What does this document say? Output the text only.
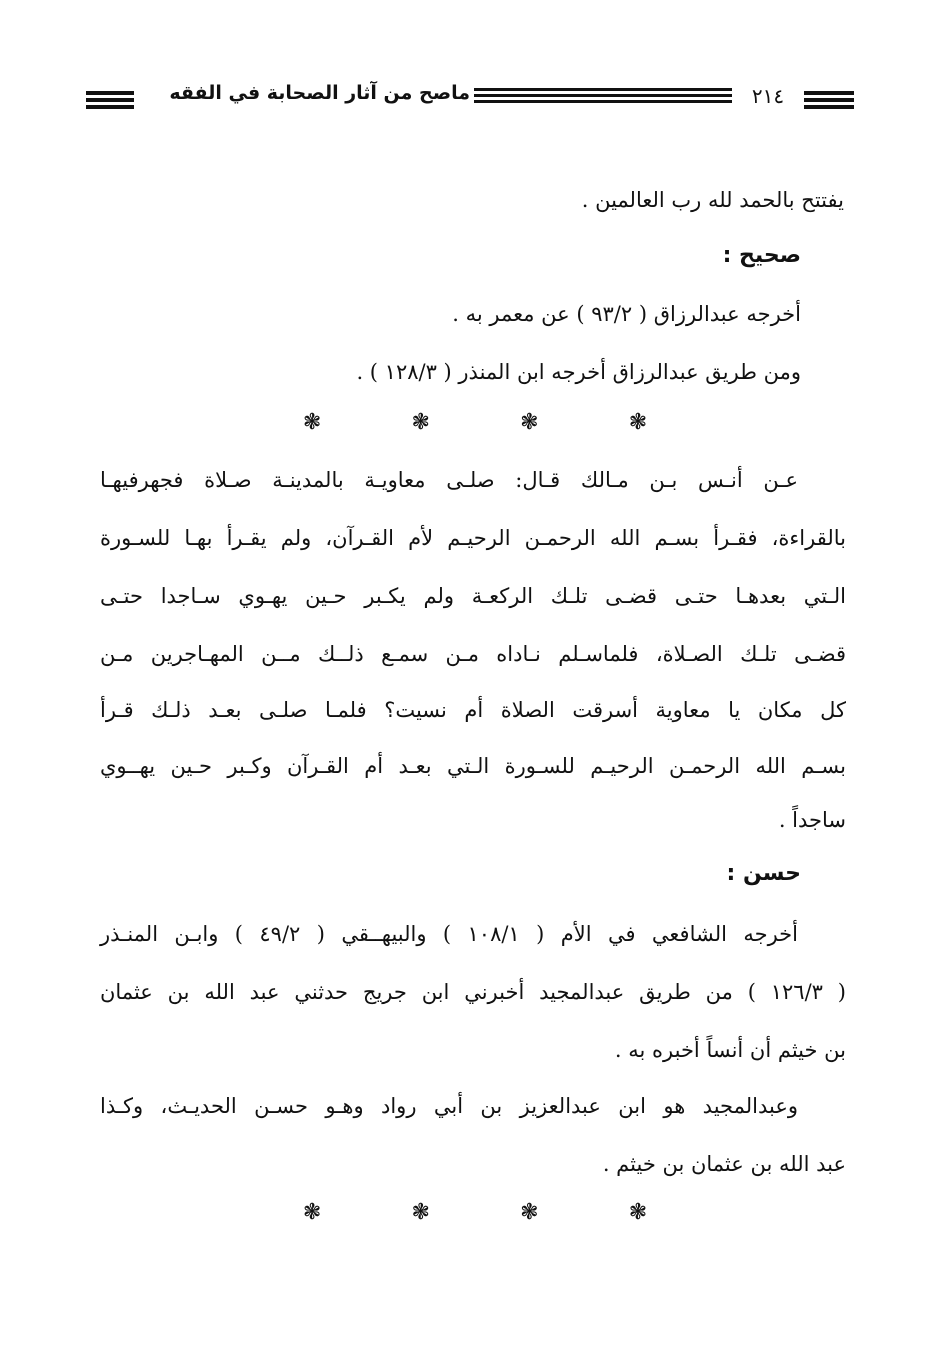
ماصح من آثار الصحابة في الفقه	٢١٤
يفتتح بالحمد لله رب العالمين .
صحيح :
أخرجه عبدالرزاق ( ٩٣/٢ ) عن معمر به .
ومن طريق عبدالرزاق أخرجه ابن المنذر ( ١٢٨/٣ ) .
❃
❃
❃
❃
عـن أنـس بـن مـالك قـال: صلـى معاويـة بالمدينـة صـلاة فجهرفيهـا
بالقراءة، فقـرأ بسـم الله الرحمـن الرحيـم لأم القـرآن، ولم يقـرأ بهـا للسـورة
الـتي بعدهـا حتـى قضـى تلـك الركعـة ولم يكـبر حـين يهـوي سـاجدا حتـى
قضـى تلـك الصـلاة، فلماسـلم نـاداه مـن سمـع ذلــك مــن المهـاجرين مـن
كل مكان يا معاوية أسرقت الصلاة أم نسيت؟ فلمـا صلـى بعـد ذلـك قـرأ
بسـم الله الرحمـن الرحيـم للسـورة الـتي بعـد أم القـرآن وكـبر حـين يهــوي
ساجداً .
حسن :
أخرجه الشافعي في الأم ( ١٠٨/١ ) والبيهــقي ( ٤٩/٢ ) وابـن المنـذر
( ١٢٦/٣ ) من طريق عبدالمجيد أخبرني ابن جريج حدثني عبد الله بن عثمان
بن خيثم أن أنساً أخبره به .
وعبدالمجيد هو ابن عبدالعزيز بن أبي رواد وهـو حسـن الحديـث، وكـذا
عبد الله بن عثمان بن خيثم .
❃
❃
❃
❃
